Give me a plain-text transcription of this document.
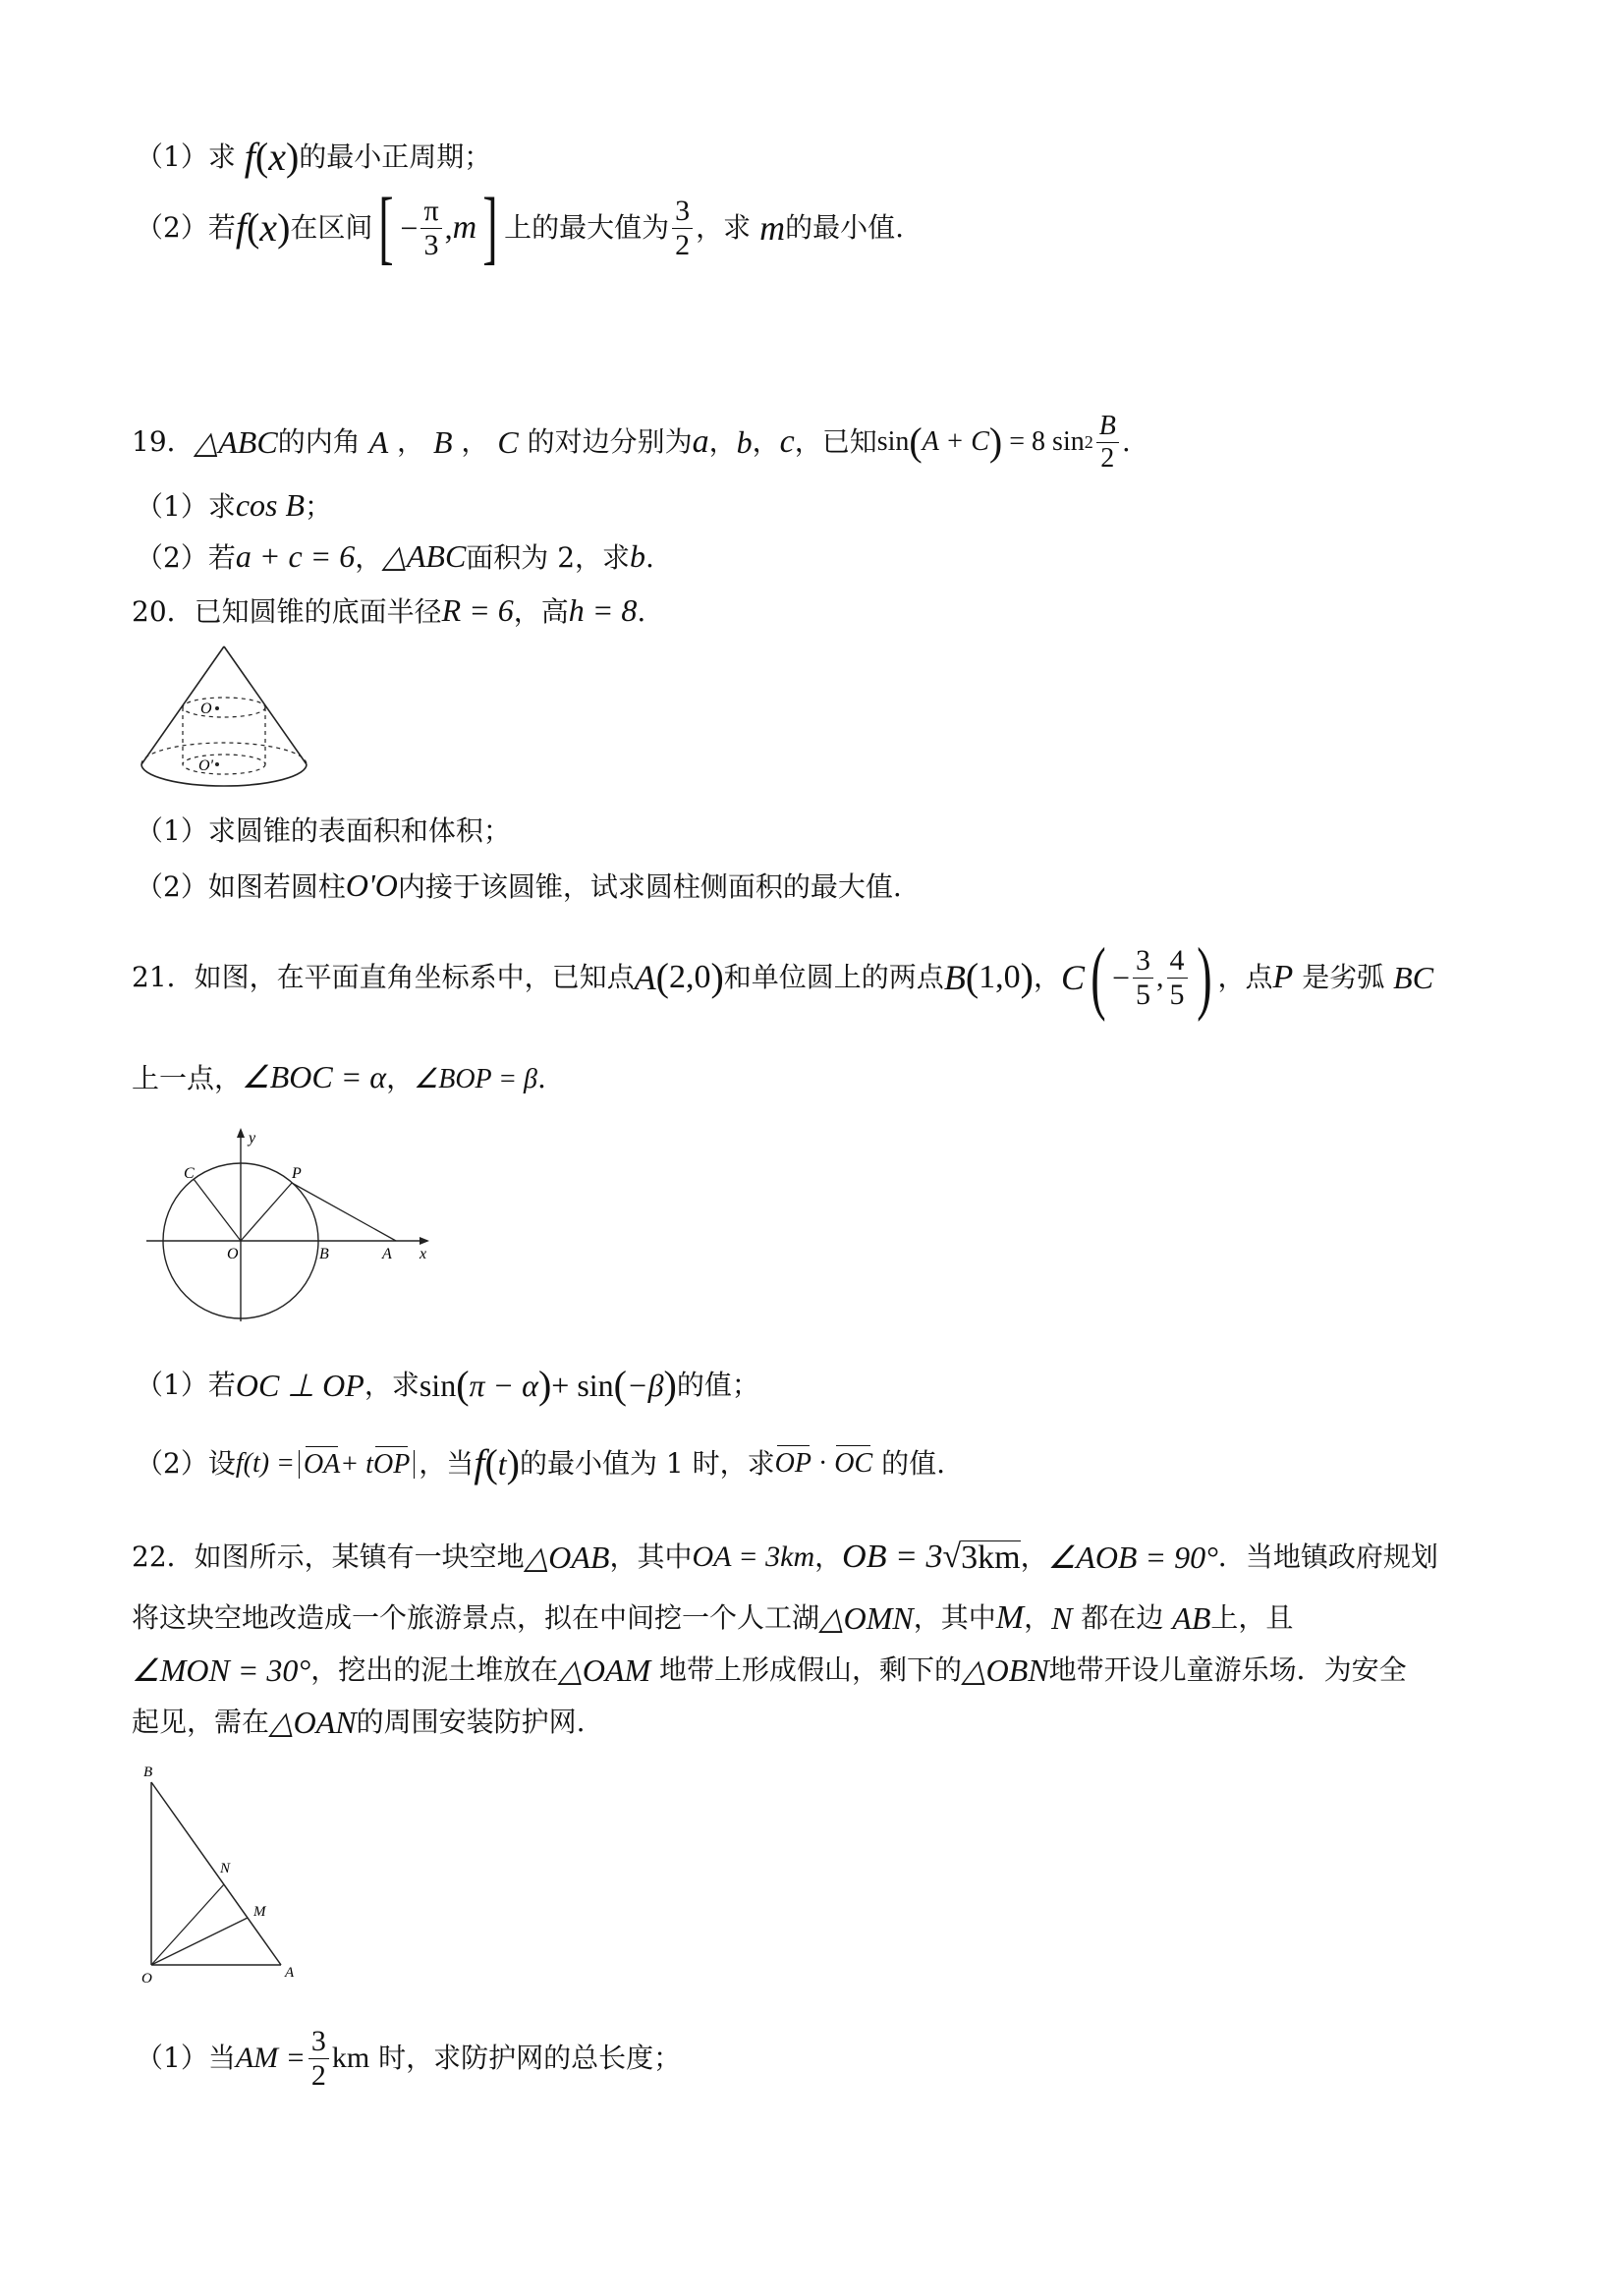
（1）求 f(x)的最小正周期；
（2） 若 f ( x ) 在区间 [ − $\frac{\pi}{3}$ , m ] 上的最大值为 $\frac{3}{2}$ ，求 m 的最小值.
19． △ABC 的内角
A ， B ， C
的对边分别为 a ， b ， c ，已知 sin ( A + C ) = 8 $\sin 2 \frac{B}{2}$ .
（1）求cos B；
（2）若a + c = 6，△ABC面积为 2，求b.
20．已知圆锥的底面半径R = 6，高h = 8.
O
O'
（1）求圆锥的表面积和体积；
（2）如图若圆柱O'O内接于该圆锥，试求圆柱侧面积的最大值.
21．如图，在平面直角坐标系中，已知点 A ( 2,0 ) 和单位圆上的两点 B ( 1,0 ) ， C ( − $\frac{3}{5}$ , $\frac{4}{5}$ ) ，点 P
是劣弧
BC
上一点，∠BOC = α，∠BOP = β.
y
x
C	P
O	B	A
（1） 若 OC ⊥ OP ，求 sin ( π − α ) + sin ( −β ) 的值；
（2） 设 f(t) = OA+ tOP ，当 f ( t ) 的最小值为 1 时，求 OP · OC
的值.
22．如图所示，某镇有一块空地 △OAB ，其中 OA = 3km ， OB = 3 √ 3km ， ∠AOB = 90° ．当地镇政府规划
将这块空地改造成一个旅游景点，拟在中间挖一个人工湖 △OMN ，其中 M ， N
都在边
AB 上，且
∠MON = 30° ，挖出的泥土堆放在 △OAM
地带上形成假山，剩下的 △OBN 地带开设儿童游乐场．为安全
起见，需在 △OAN 的周围安装防护网.
B
N
M
O	A
（1） 当 AM = $\frac{3}{2}$ km
时，求防护网的总长度；
